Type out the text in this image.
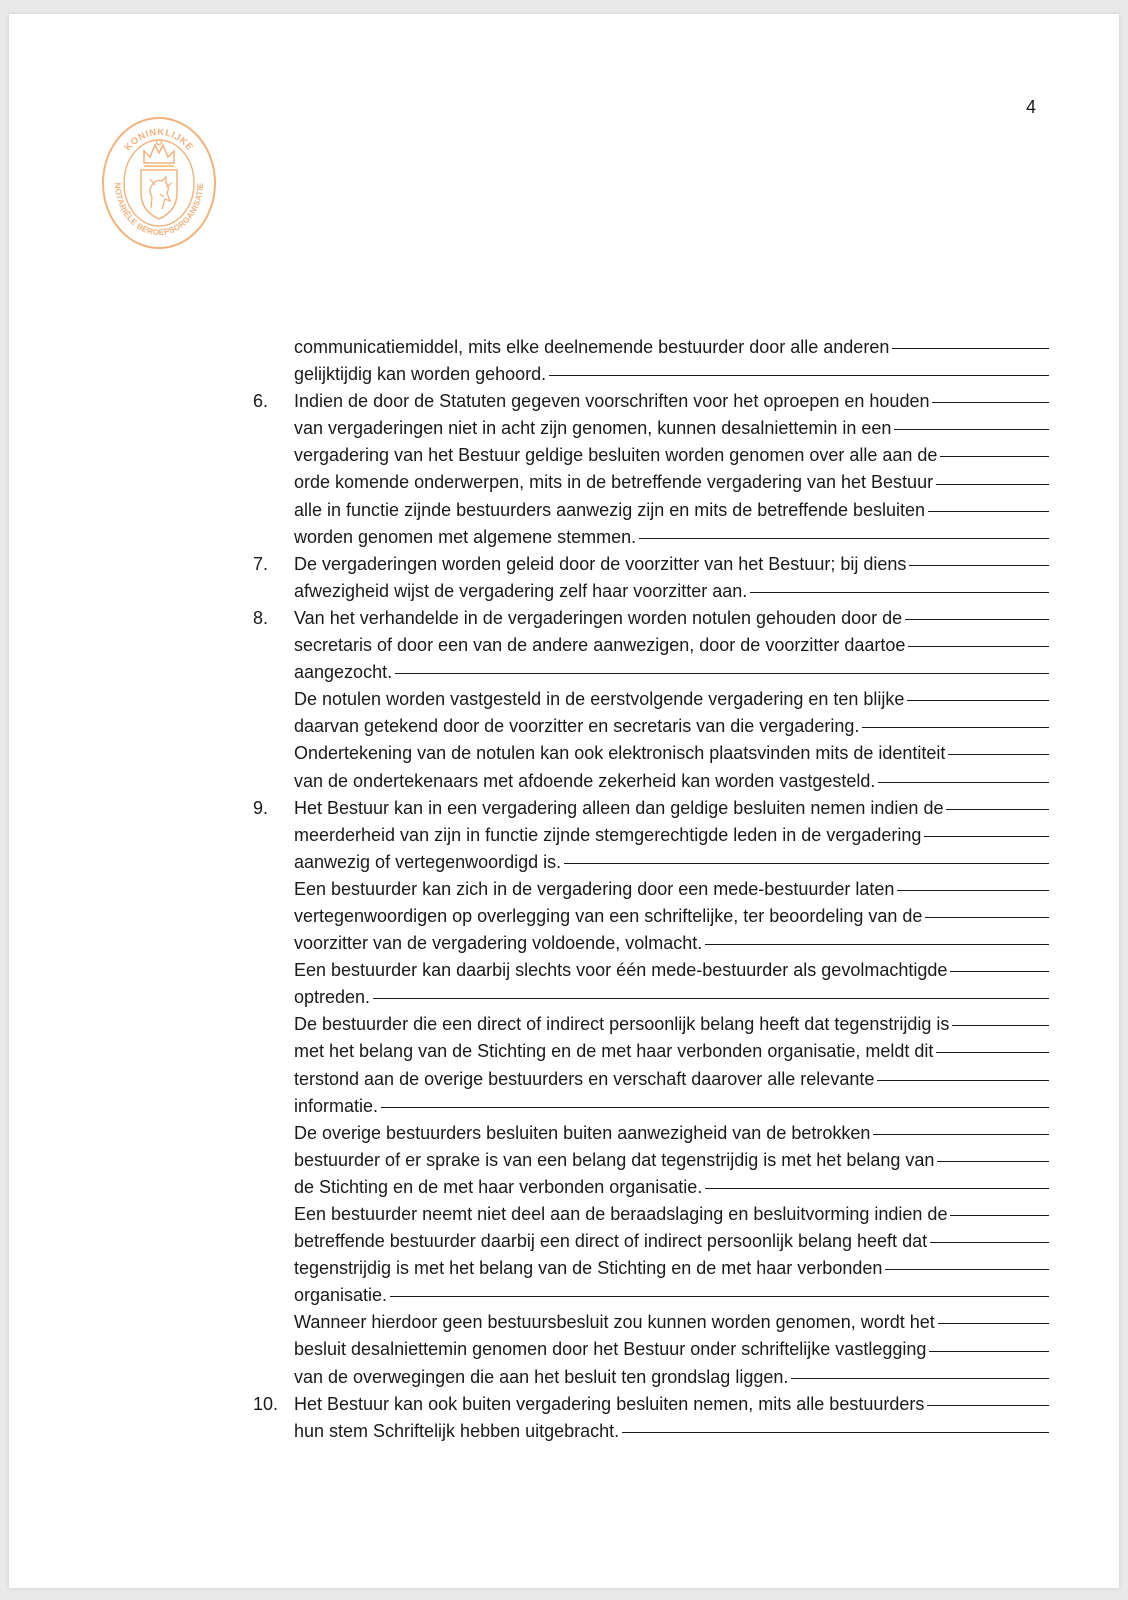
4
KONINKLIJKE
NOTARIËLE BEROEPSORGANISATIE
communicatiemiddel, mits elke deelnemende bestuurder door alle anderen
gelijktijdig kan worden gehoord.
6.	Indien de door de Statuten gegeven voorschriften voor het oproepen en houden
van vergaderingen niet in acht zijn genomen, kunnen desalniettemin in een
vergadering van het Bestuur geldige besluiten worden genomen over alle aan de
orde komende onderwerpen, mits in de betreffende vergadering van het Bestuur
alle in functie zijnde bestuurders aanwezig zijn en mits de betreffende besluiten
worden genomen met algemene stemmen.
7.	De vergaderingen worden geleid door de voorzitter van het Bestuur; bij diens
afwezigheid wijst de vergadering zelf haar voorzitter aan.
8.	Van het verhandelde in de vergaderingen worden notulen gehouden door de
secretaris of door een van de andere aanwezigen, door de voorzitter daartoe
aangezocht.
De notulen worden vastgesteld in de eerstvolgende vergadering en ten blijke
daarvan getekend door de voorzitter en secretaris van die vergadering.
Ondertekening van de notulen kan ook elektronisch plaatsvinden mits de identiteit
van de ondertekenaars met afdoende zekerheid kan worden vastgesteld.
9.	Het Bestuur kan in een vergadering alleen dan geldige besluiten nemen indien de
meerderheid van zijn in functie zijnde stemgerechtigde leden in de vergadering
aanwezig of vertegenwoordigd is.
Een bestuurder kan zich in de vergadering door een mede-bestuurder laten
vertegenwoordigen op overlegging van een schriftelijke, ter beoordeling van de
voorzitter van de vergadering voldoende, volmacht.
Een bestuurder kan daarbij slechts voor één mede-bestuurder als gevolmachtigde
optreden.
De bestuurder die een direct of indirect persoonlijk belang heeft dat tegenstrijdig is
met het belang van de Stichting en de met haar verbonden organisatie, meldt dit
terstond aan de overige bestuurders en verschaft daarover alle relevante
informatie.
De overige bestuurders besluiten buiten aanwezigheid van de betrokken
bestuurder of er sprake is van een belang dat tegenstrijdig is met het belang van
de Stichting en de met haar verbonden organisatie.
Een bestuurder neemt niet deel aan de beraadslaging en besluitvorming indien de
betreffende bestuurder daarbij een direct of indirect persoonlijk belang heeft dat
tegenstrijdig is met het belang van de Stichting en de met haar verbonden
organisatie.
Wanneer hierdoor geen bestuursbesluit zou kunnen worden genomen, wordt het
besluit desalniettemin genomen door het Bestuur onder schriftelijke vastlegging
van de overwegingen die aan het besluit ten grondslag liggen.
10. Het Bestuur kan ook buiten vergadering besluiten nemen, mits alle bestuurders
hun stem Schriftelijk hebben uitgebracht.
